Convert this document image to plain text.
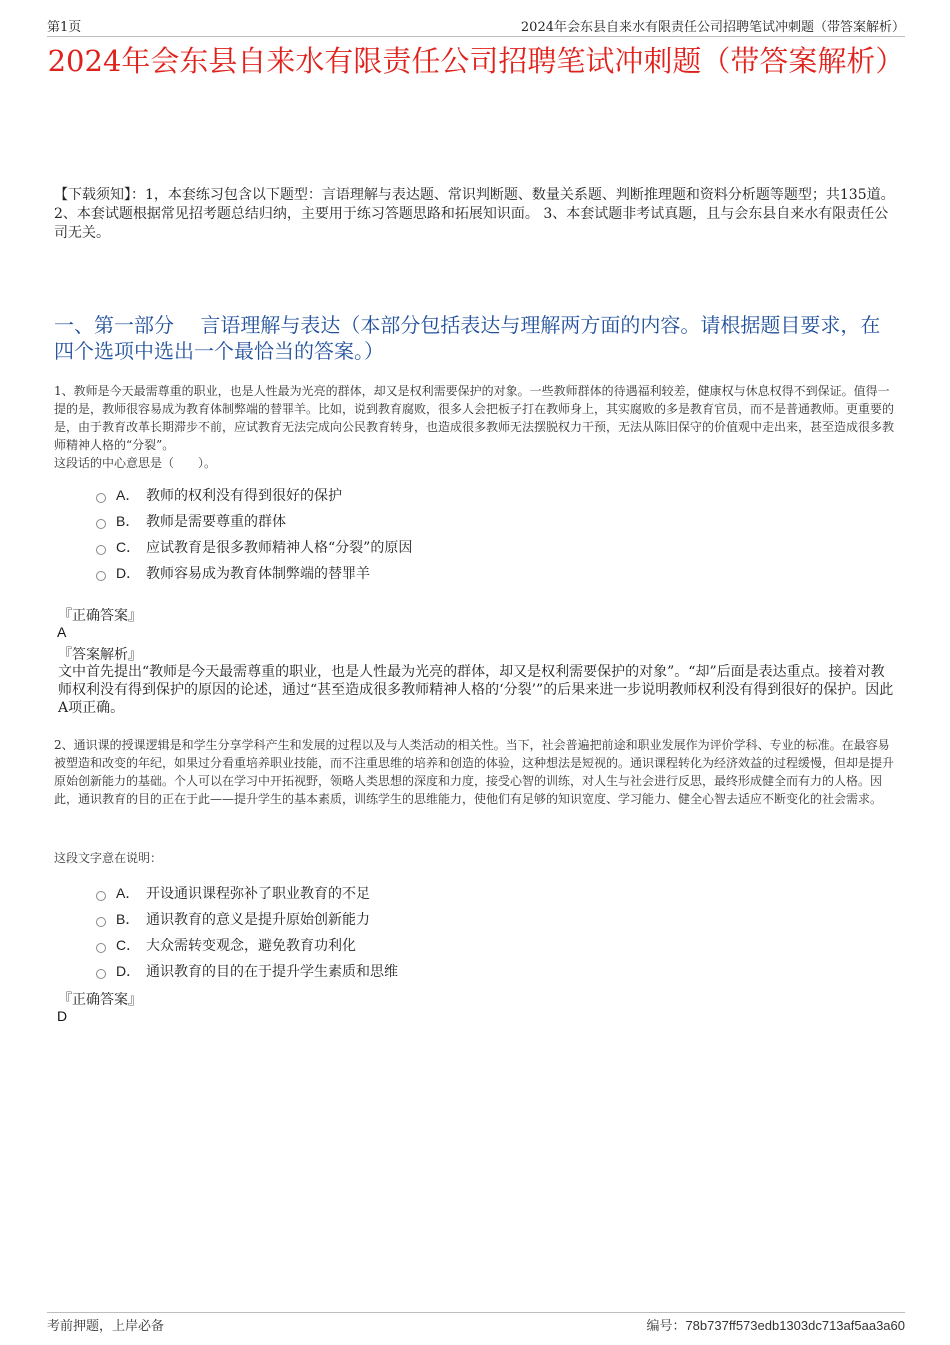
第1页	2024年会东县自来水有限责任公司招聘笔试冲刺题（带答案解析）
2024年会东县自来水有限责任公司招聘笔试冲刺题（带答案解析）
【下载须知】：1，本套练习包含以下题型：言语理解与表达题、常识判断题、数量关系题、判断推理题和资料分析题等题型；共135道。 2、本套试题根据常见招考题总结归纳，主要用于练习答题思路和拓展知识面。 3、本套试题非考试真题，且与会东县自来水有限责任公司无关。
一、第一部分　 言语理解与表达（本部分包括表达与理解两方面的内容。请根据题目要求，在四个选项中选出一个最恰当的答案。）
1、教师是今天最需尊重的职业，也是人性最为光亮的群体，却又是权利需要保护的对象。一些教师群体的待遇福利较差，健康权与休息权得不到保证。值得一提的是，教师很容易成为教育体制弊端的替罪羊。比如，说到教育腐败，很多人会把板子打在教师身上，其实腐败的多是教育官员，而不是普通教师。更重要的是，由于教育改革长期滞步不前，应试教育无法完成向公民教育转身，也造成很多教师无法摆脱权力干预，无法从陈旧保守的价值观中走出来，甚至造成很多教师精神人格的“分裂”。
这段话的中心意思是（　　）。
A． 教师的权利没有得到很好的保护
B． 教师是需要尊重的群体
C． 应试教育是很多教师精神人格“分裂”的原因
D． 教师容易成为教育体制弊端的替罪羊
『正确答案』
A
『答案解析』
文中首先提出“教师是今天最需尊重的职业，也是人性最为光亮的群体，却又是权利需要保护的对象”。“却”后面是表达重点。接着对教师权利没有得到保护的原因的论述，通过“甚至造成很多教师精神人格的‘分裂’”的后果来进一步说明教师权利没有得到很好的保护。因此A项正确。
2、通识课的授课逻辑是和学生分享学科产生和发展的过程以及与人类活动的相关性。当下，社会普遍把前途和职业发展作为评价学科、专业的标准。在最容易被塑造和改变的年纪，如果过分看重培养职业技能，而不注重思维的培养和创造的体验，这种想法是短视的。通识课程转化为经济效益的过程缓慢，但却是提升原始创新能力的基础。个人可以在学习中开拓视野，领略人类思想的深度和力度，接受心智的训练，对人生与社会进行反思，最终形成健全而有力的人格。因此，通识教育的目的正在于此——提升学生的基本素质，训练学生的思维能力，使他们有足够的知识宽度、学习能力、健全心智去适应不断变化的社会需求。
这段文字意在说明：
A． 开设通识课程弥补了职业教育的不足
B． 通识教育的意义是提升原始创新能力
C． 大众需转变观念，避免教育功利化
D． 通识教育的目的在于提升学生素质和思维
『正确答案』
D
考前押题，上岸必备	编号：78b737ff573edb1303dc713af5aa3a60
